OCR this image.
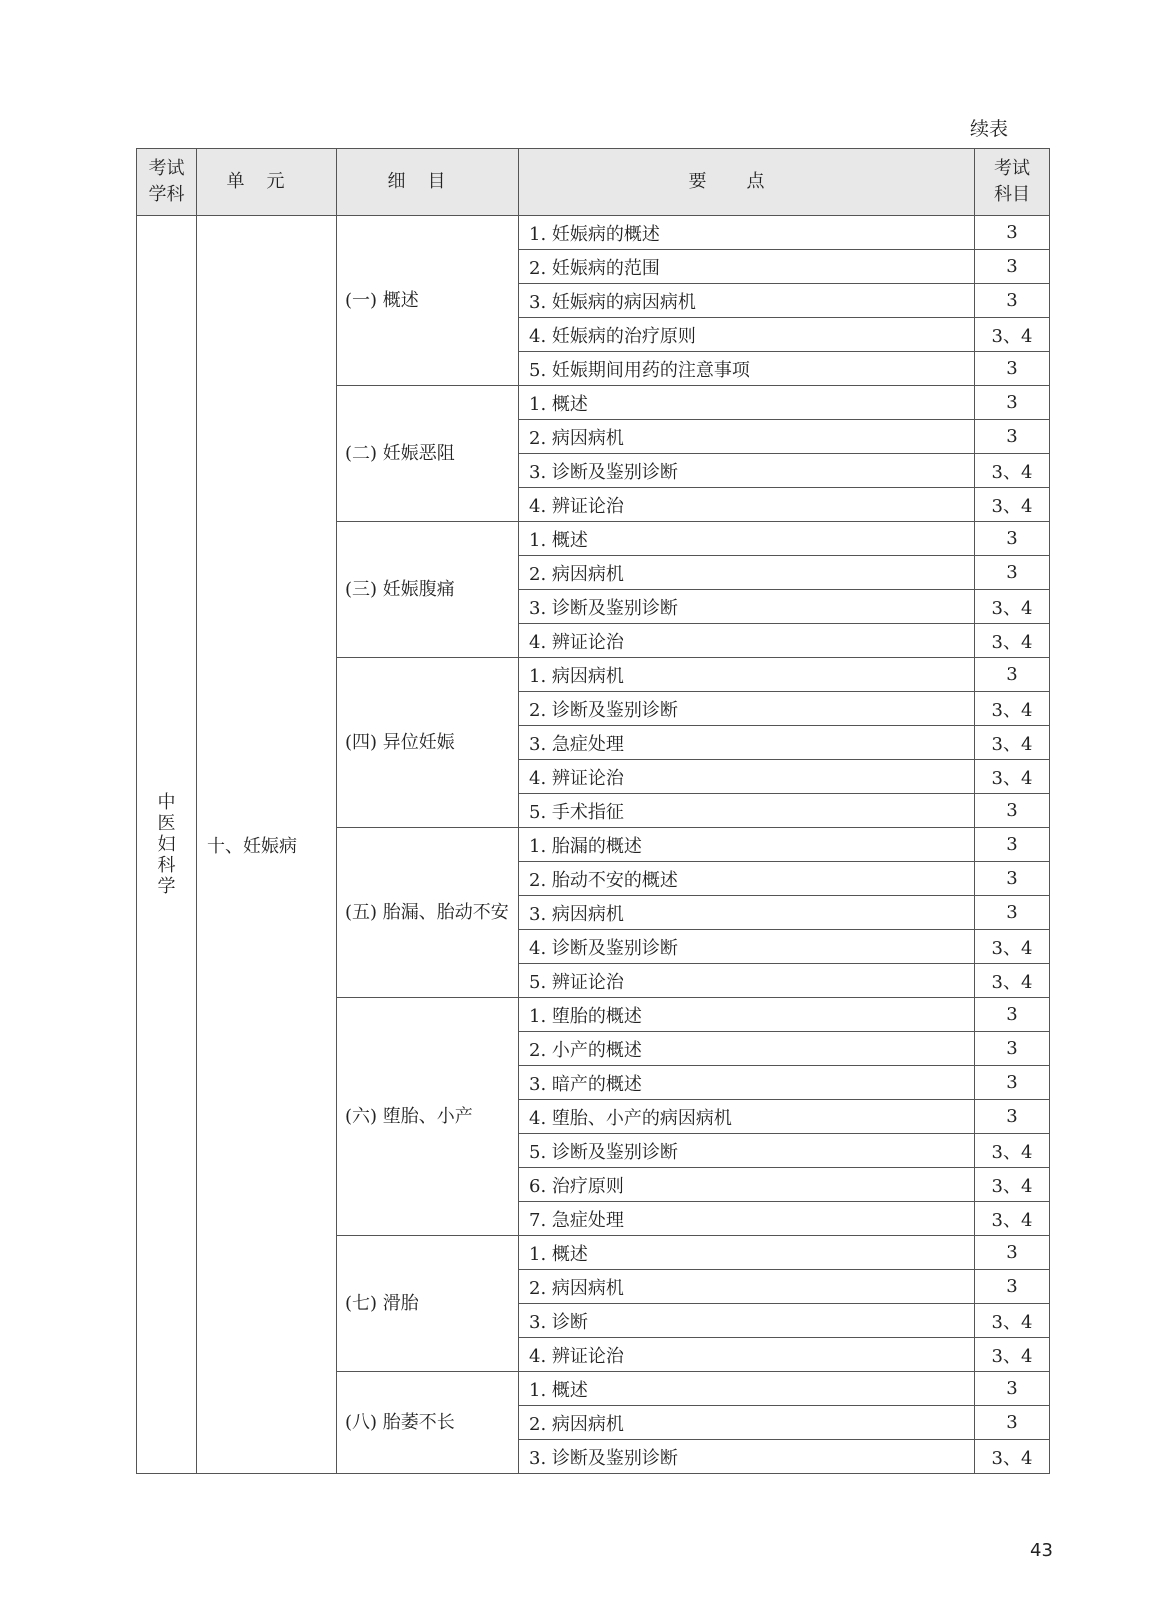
续表
考试学科	单元	细目	要点	考试科目
中医妇科学	十、妊娠病	(一) 概述	1. 妊娠病的概述	3
			2. 妊娠病的范围	3
			3. 妊娠病的病因病机	3
			4. 妊娠病的治疗原则	3、4
			5. 妊娠期间用药的注意事项	3
		(二) 妊娠恶阻	1. 概述	3
			2. 病因病机	3
			3. 诊断及鉴别诊断	3、4
			4. 辨证论治	3、4
		(三) 妊娠腹痛	1. 概述	3
			2. 病因病机	3
			3. 诊断及鉴别诊断	3、4
			4. 辨证论治	3、4
		(四) 异位妊娠	1. 病因病机	3
			2. 诊断及鉴别诊断	3、4
			3. 急症处理	3、4
			4. 辨证论治	3、4
			5. 手术指征	3
		(五) 胎漏、胎动不安	1. 胎漏的概述	3
			2. 胎动不安的概述	3
			3. 病因病机	3
			4. 诊断及鉴别诊断	3、4
			5. 辨证论治	3、4
		(六) 堕胎、小产	1. 堕胎的概述	3
			2. 小产的概述	3
			3. 暗产的概述	3
			4. 堕胎、小产的病因病机	3
			5. 诊断及鉴别诊断	3、4
			6. 治疗原则	3、4
			7. 急症处理	3、4
		(七) 滑胎	1. 概述	3
			2. 病因病机	3
			3. 诊断	3、4
			4. 辨证论治	3、4
		(八) 胎萎不长	1. 概述	3
			2. 病因病机	3
			3. 诊断及鉴别诊断	3、4
43
